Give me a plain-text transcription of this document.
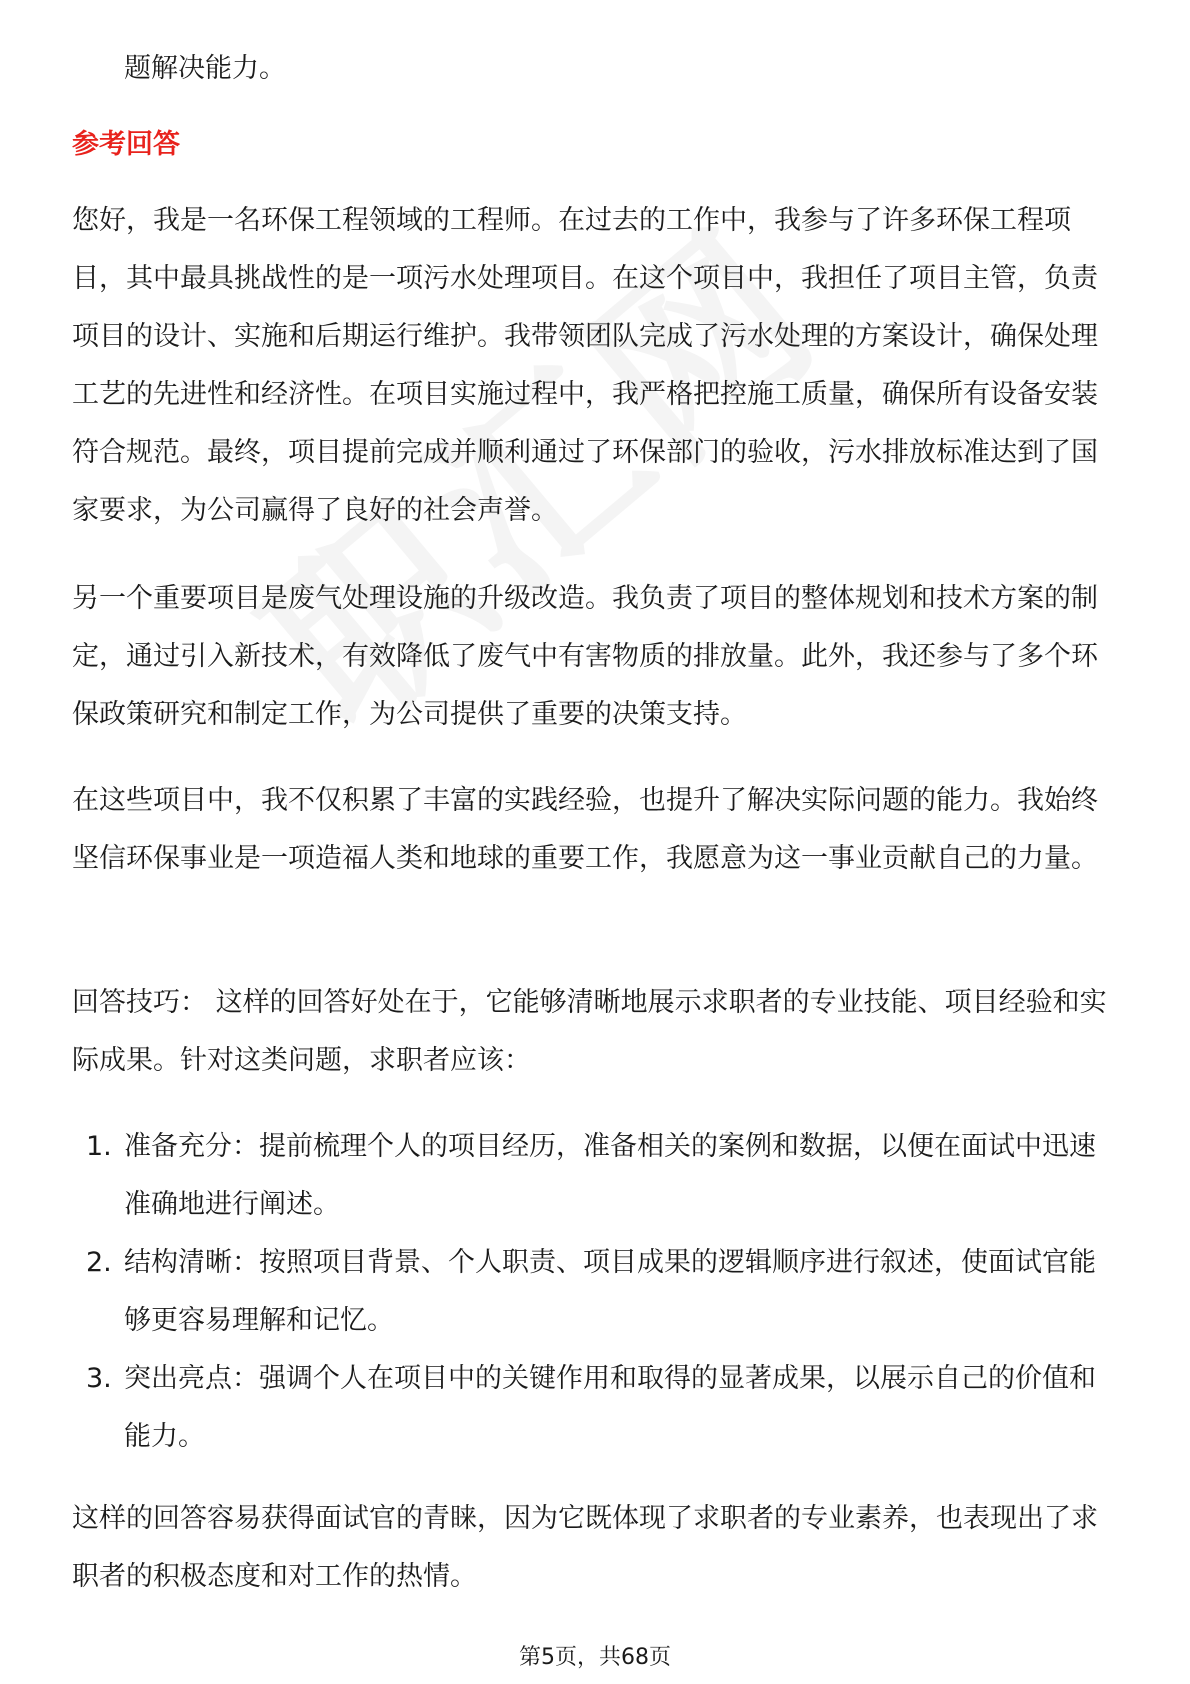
题解决能力。

参考回答

您好，我是一名环保工程领域的工程师。在过去的工作中，我参与了许多环保工程项目，其中最具挑战性的是一项污水处理项目。在这个项目中，我担任了项目主管，负责项目的设计、实施和后期运行维护。我带领团队完成了污水处理的方案设计，确保处理工艺的先进性和经济性。在项目实施过程中，我严格把控施工质量，确保所有设备安装符合规范。最终，项目提前完成并顺利通过了环保部门的验收，污水排放标准达到了国家要求，为公司赢得了良好的社会声誉。

另一个重要项目是废气处理设施的升级改造。我负责了项目的整体规划和技术方案的制定，通过引入新技术，有效降低了废气中有害物质的排放量。此外，我还参与了多个环保政策研究和制定工作，为公司提供了重要的决策支持。

在这些项目中，我不仅积累了丰富的实践经验，也提升了解决实际问题的能力。我始终坚信环保事业是一项造福人类和地球的重要工作，我愿意为这一事业贡献自己的力量。

回答技巧： 这样的回答好处在于，它能够清晰地展示求职者的专业技能、项目经验和实际成果。针对这类问题，求职者应该：

1. 准备充分：提前梳理个人的项目经历，准备相关的案例和数据，以便在面试中迅速准确地进行阐述。
2. 结构清晰：按照项目背景、个人职责、项目成果的逻辑顺序进行叙述，使面试官能够更容易理解和记忆。
3. 突出亮点：强调个人在项目中的关键作用和取得的显著成果，以展示自己的价值和能力。

这样的回答容易获得面试官的青睐，因为它既体现了求职者的专业素养，也表现出了求职者的积极态度和对工作的热情。

第5页，共68页
